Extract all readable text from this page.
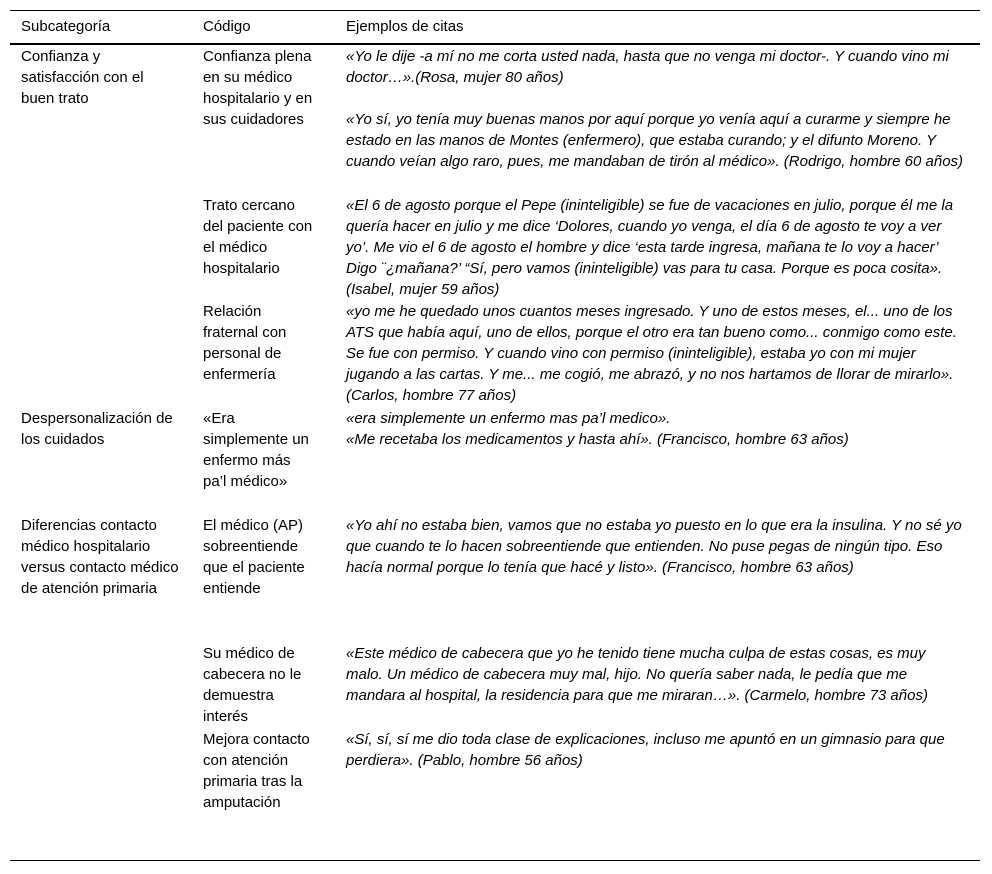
Subcategoría	Código	Ejemplos de citas
Confianza y satisfacción con el buen trato
Confianza plena en su médico hospitalario y en sus cuidadores
«Yo le dije -a mí no me corta usted nada, hasta que no venga mi doctor-. Y cuando vino mi doctor…».(Rosa, mujer 80 años)
«Yo sí, yo tenía muy buenas manos por aquí porque yo venía aquí a curarme y siempre he estado en las manos de Montes (enfermero), que estaba curando; y el difunto Moreno. Y cuando veían algo raro, pues, me mandaban de tirón al médico». (Rodrigo, hombre 60 años)
Trato cercano del paciente con el médico hospitalario
«El 6 de agosto porque el Pepe (ininteligible) se fue de vacaciones en julio, porque él me la quería hacer en julio y me dice ‘Dolores, cuando yo venga, el día 6 de agosto te voy a ver yo’. Me vio el 6 de agosto el hombre y dice ‘esta tarde ingresa, mañana te lo voy a hacer’ Digo ¨¿mañana?’ “Sí, pero vamos (ininteligible) vas para tu casa. Porque es poca cosita». (Isabel, mujer 59 años)
Relación fraternal con personal de enfermería
«yo me he quedado unos cuantos meses ingresado. Y uno de estos meses, el... uno de los ATS que había aquí, uno de ellos, porque el otro era tan bueno como... conmigo como este. Se fue con permiso. Y cuando vino con permiso (ininteligible), estaba yo con mi mujer jugando a las cartas. Y me... me cogió, me abrazó, y no nos hartamos de llorar de mirarlo». (Carlos, hombre 77 años)
Despersonalización de los cuidados
«Era simplemente un enfermo más pa’l médico»
«era simplemente un enfermo mas pa’l medico».
«Me recetaba los medicamentos y hasta ahí». (Francisco, hombre 63 años)
Diferencias contacto médico hospitalario versus contacto médico de atención primaria
El médico (AP) sobreentiende que el paciente entiende
«Yo ahí no estaba bien, vamos que no estaba yo puesto en lo que era la insulina. Y no sé yo que cuando te lo hacen sobreentiende que entienden. No puse pegas de ningún tipo. Eso hacía normal porque lo tenía que hacé y listo». (Francisco, hombre 63 años)
Su médico de cabecera no le demuestra interés
«Este médico de cabecera que yo he tenido tiene mucha culpa de estas cosas, es muy malo. Un médico de cabecera muy mal, hijo. No quería saber nada, le pedía que me mandara al hospital, la residencia para que me miraran…». (Carmelo, hombre 73 años)
Mejora contacto con atención primaria tras la amputación
«Sí, sí, sí me dio toda clase de explicaciones, incluso me apuntó en un gimnasio para que perdiera». (Pablo, hombre 56 años)
